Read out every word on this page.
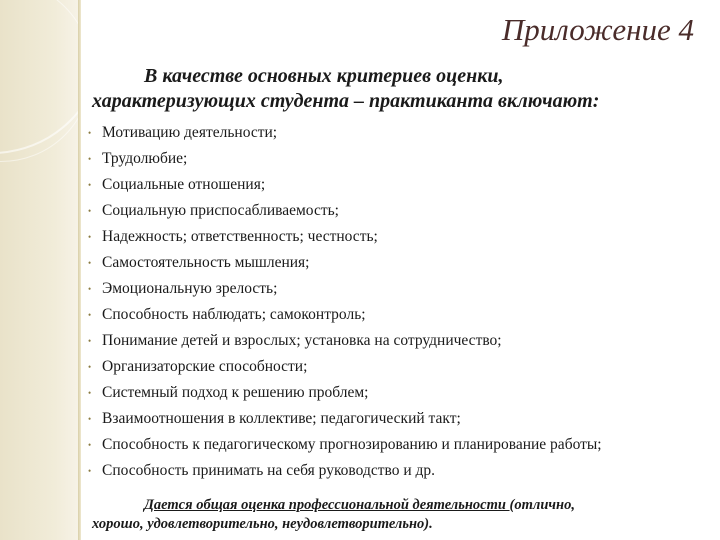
Приложение 4

В качестве основных критериев оценки,
характеризующих студента – практиканта включают:

• Мотивацию деятельности;
• Трудолюбие;
• Социальные отношения;
• Социальную приспосабливаемость;
• Надежность; ответственность; честность;
• Самостоятельность мышления;
• Эмоциональную зрелость;
• Способность наблюдать; самоконтроль;
• Понимание детей и взрослых; установка на сотрудничество;
• Организаторские способности;
• Системный подход к решению проблем;
• Взаимоотношения в коллективе; педагогический такт;
• Способность к педагогическому прогнозированию и планирование работы;
• Способность принимать на себя руководство и др.

Дается общая оценка профессиональной деятельности (отлично,
хорошо, удовлетворительно, неудовлетворительно).
